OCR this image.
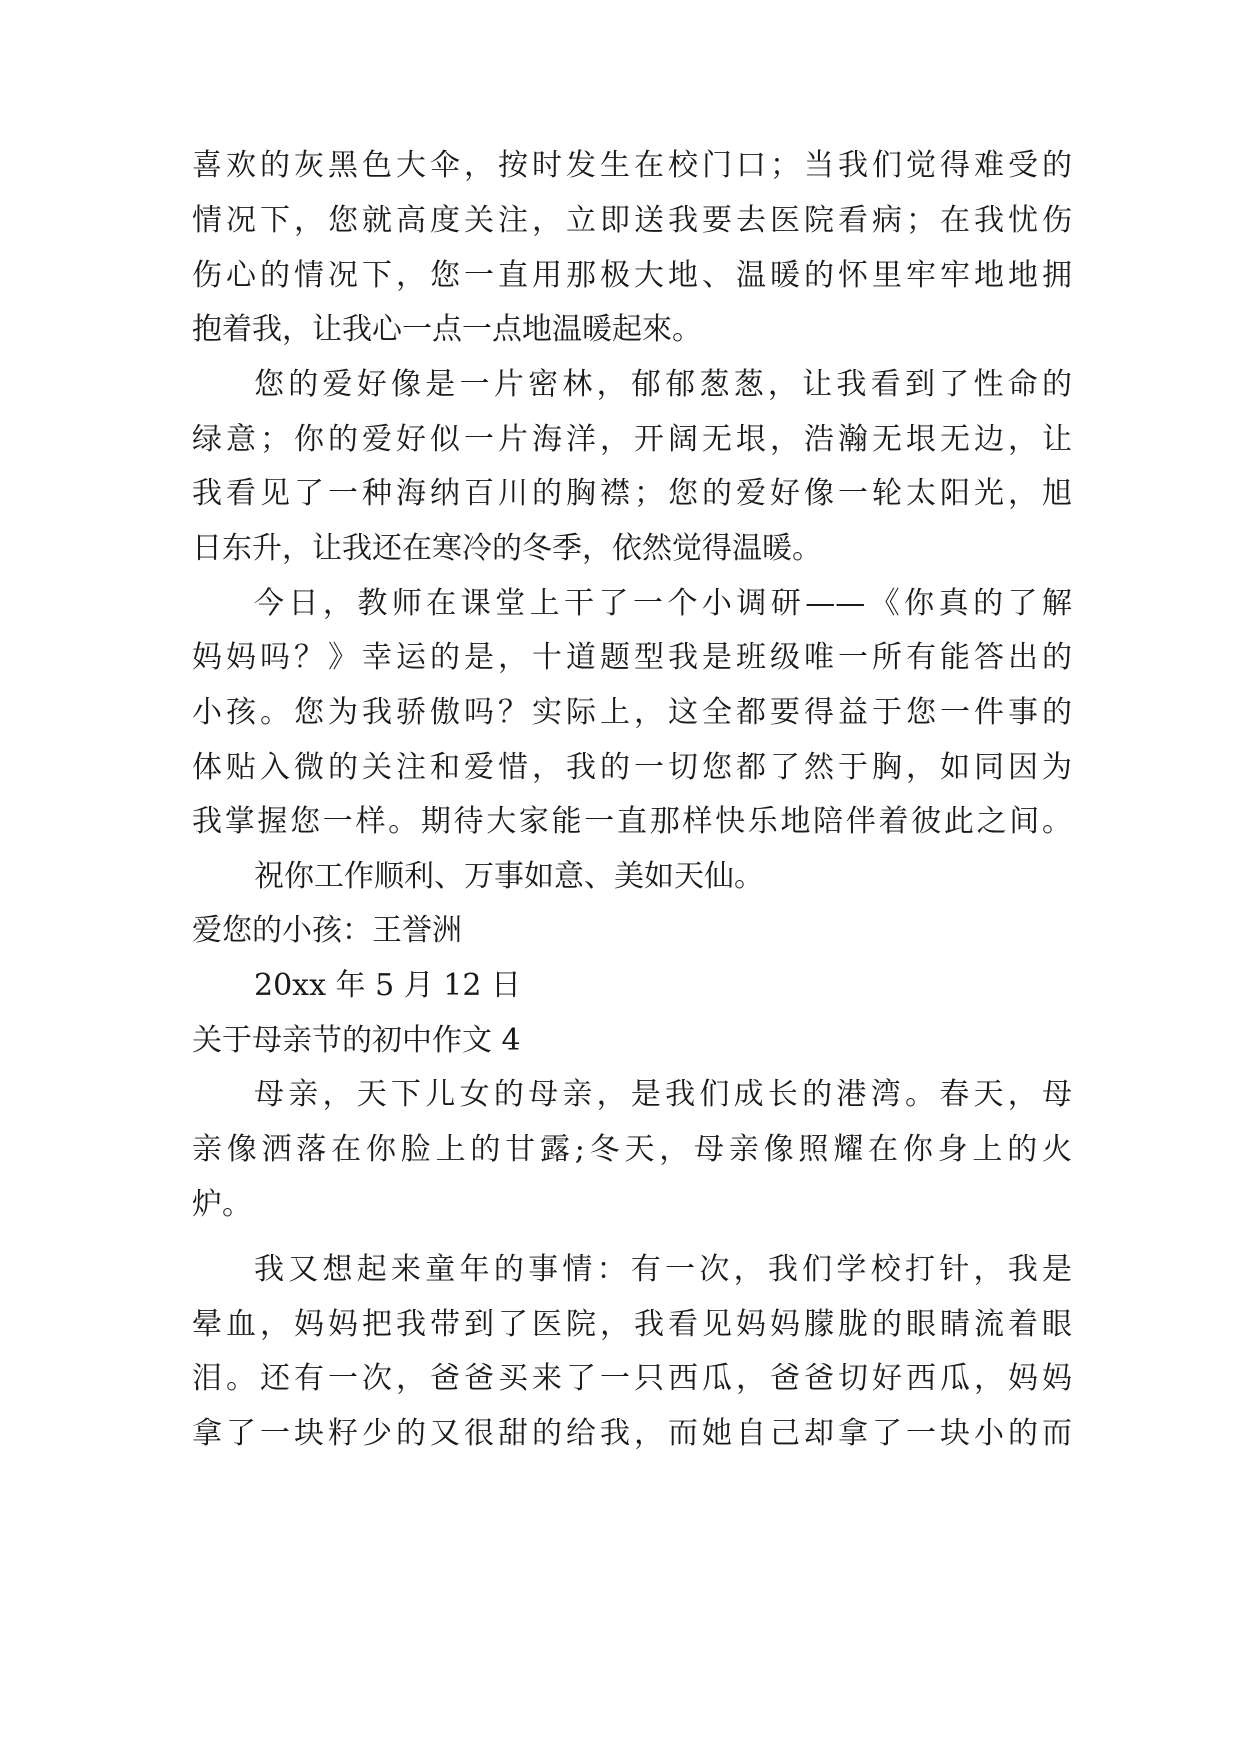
喜欢的灰黑色大伞，按时发生在校门口；当我们觉得难受的
情况下，您就高度关注，立即送我要去医院看病；在我忧伤
伤心的情况下，您一直用那极大地、温暖的怀里牢牢地地拥
抱着我，让我心一点一点地温暖起來。
您的爱好像是一片密林，郁郁葱葱，让我看到了性命的
绿意；你的爱好似一片海洋，开阔无垠，浩瀚无垠无边，让
我看见了一种海纳百川的胸襟；您的爱好像一轮太阳光，旭
日东升，让我还在寒冷的冬季，依然觉得温暖。
今日，教师在课堂上干了一个小调研——《你真的了解
妈妈吗？》幸运的是，十道题型我是班级唯一所有能答出的
小孩。您为我骄傲吗？实际上，这全都要得益于您一件事的
体贴入微的关注和爱惜，我的一切您都了然于胸，如同因为
我掌握您一样。期待大家能一直那样快乐地陪伴着彼此之间。
祝你工作顺利、万事如意、美如天仙。
爱您的小孩：王誉洲
20xx 年 5 月 12 日
关于母亲节的初中作文 4
母亲，天下儿女的母亲，是我们成长的港湾。春天，母
亲像洒落在你脸上的甘露;冬天，母亲像照耀在你身上的火
炉。
我又想起来童年的事情：有一次，我们学校打针，我是
晕血，妈妈把我带到了医院，我看见妈妈朦胧的眼睛流着眼
泪。还有一次，爸爸买来了一只西瓜，爸爸切好西瓜，妈妈
拿了一块籽少的又很甜的给我，而她自己却拿了一块小的而
